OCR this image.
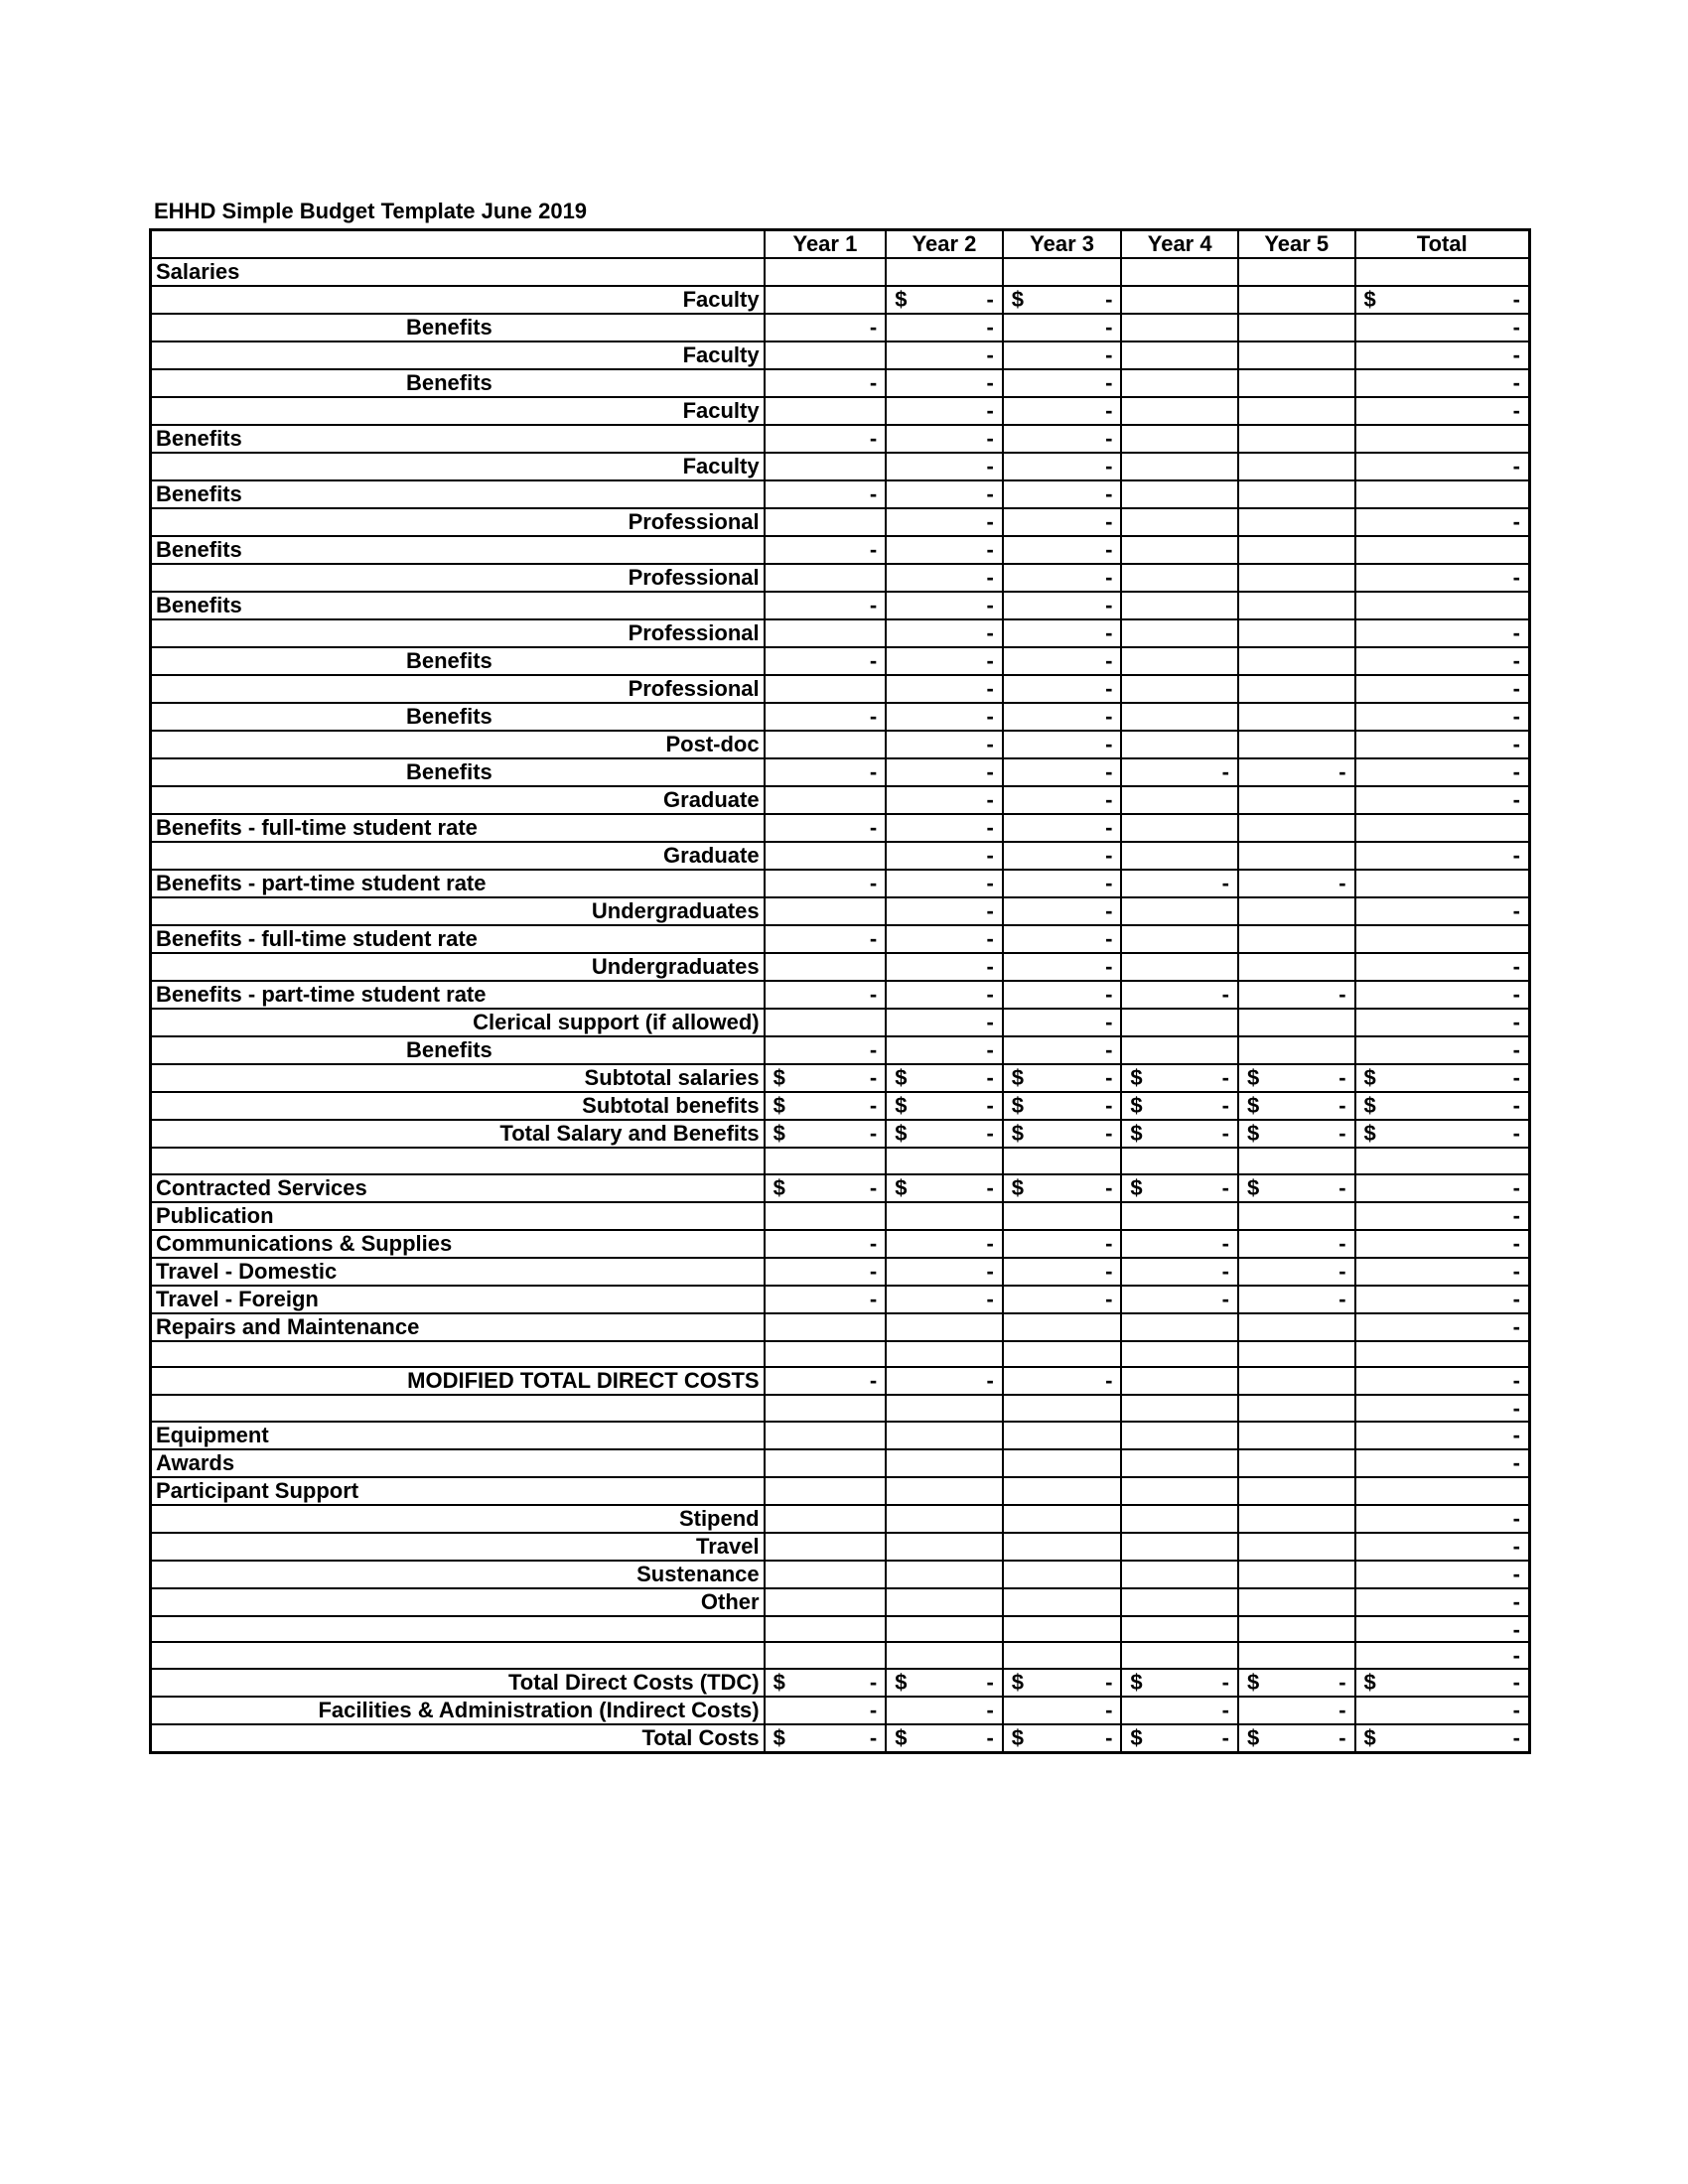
EHHD Simple Budget Template June 2019
	Year 1	Year 2	Year 3	Year 4	Year 5	Total
Salaries	

Faculty		$ -	$ -			$ -

Benefits	-	-	-			-

Faculty		-	-			-

Benefits	-	-	-			-

Faculty		-	-			-

Benefits	-	-	-			

Faculty		-	-			-

Benefits	-	-	-			

Professional		-	-			-

Benefits	-	-	-			

Professional		-	-			-

Benefits	-	-	-			

Professional		-	-			-

Benefits	-	-	-			-

Professional		-	-			-

Benefits	-	-	-			-

Post-doc		-	-			-

Benefits	-	-	-	-	-	-

Graduate		-	-			-

Benefits - full-time student rate	-	-	-			

Graduate		-	-			-

Benefits - part-time student rate	-	-	-	-	-	

Undergraduates		-	-			-

Benefits - full-time student rate	-	-	-			

Undergraduates		-	-			-

Benefits - part-time student rate	-	-	-	-	-	-

Clerical support (if allowed)		-	-			-

Benefits	-	-	-			-

Subtotal salaries	$ -	$ -	$ -	$ -	$ -	$ -

Subtotal benefits	$ -	$ -	$ -	$ -	$ -	$ -

Total Salary and Benefits	$ -	$ -	$ -	$ -	$ -	$ -

Contracted Services	$ -	$ -	$ -	$ -	$ -	-

Publication						-

Communications & Supplies	-	-	-	-	-	-

Travel - Domestic	-	-	-	-	-	-

Travel - Foreign	-	-	-	-	-	-

Repairs and Maintenance						-

MODIFIED TOTAL DIRECT COSTS	-	-	-			-

						-

Equipment						-

Awards						-

Participant Support	

Stipend						-

Travel						-

Sustenance						-

Other						-

						-

						-

Total Direct Costs (TDC)	$ -	$ -	$ -	$ -	$ -	$ -

Facilities & Administration (Indirect Costs)	-	-	-	-	-	-

Total Costs	$ -	$ -	$ -	$ -	$ -	$ -
